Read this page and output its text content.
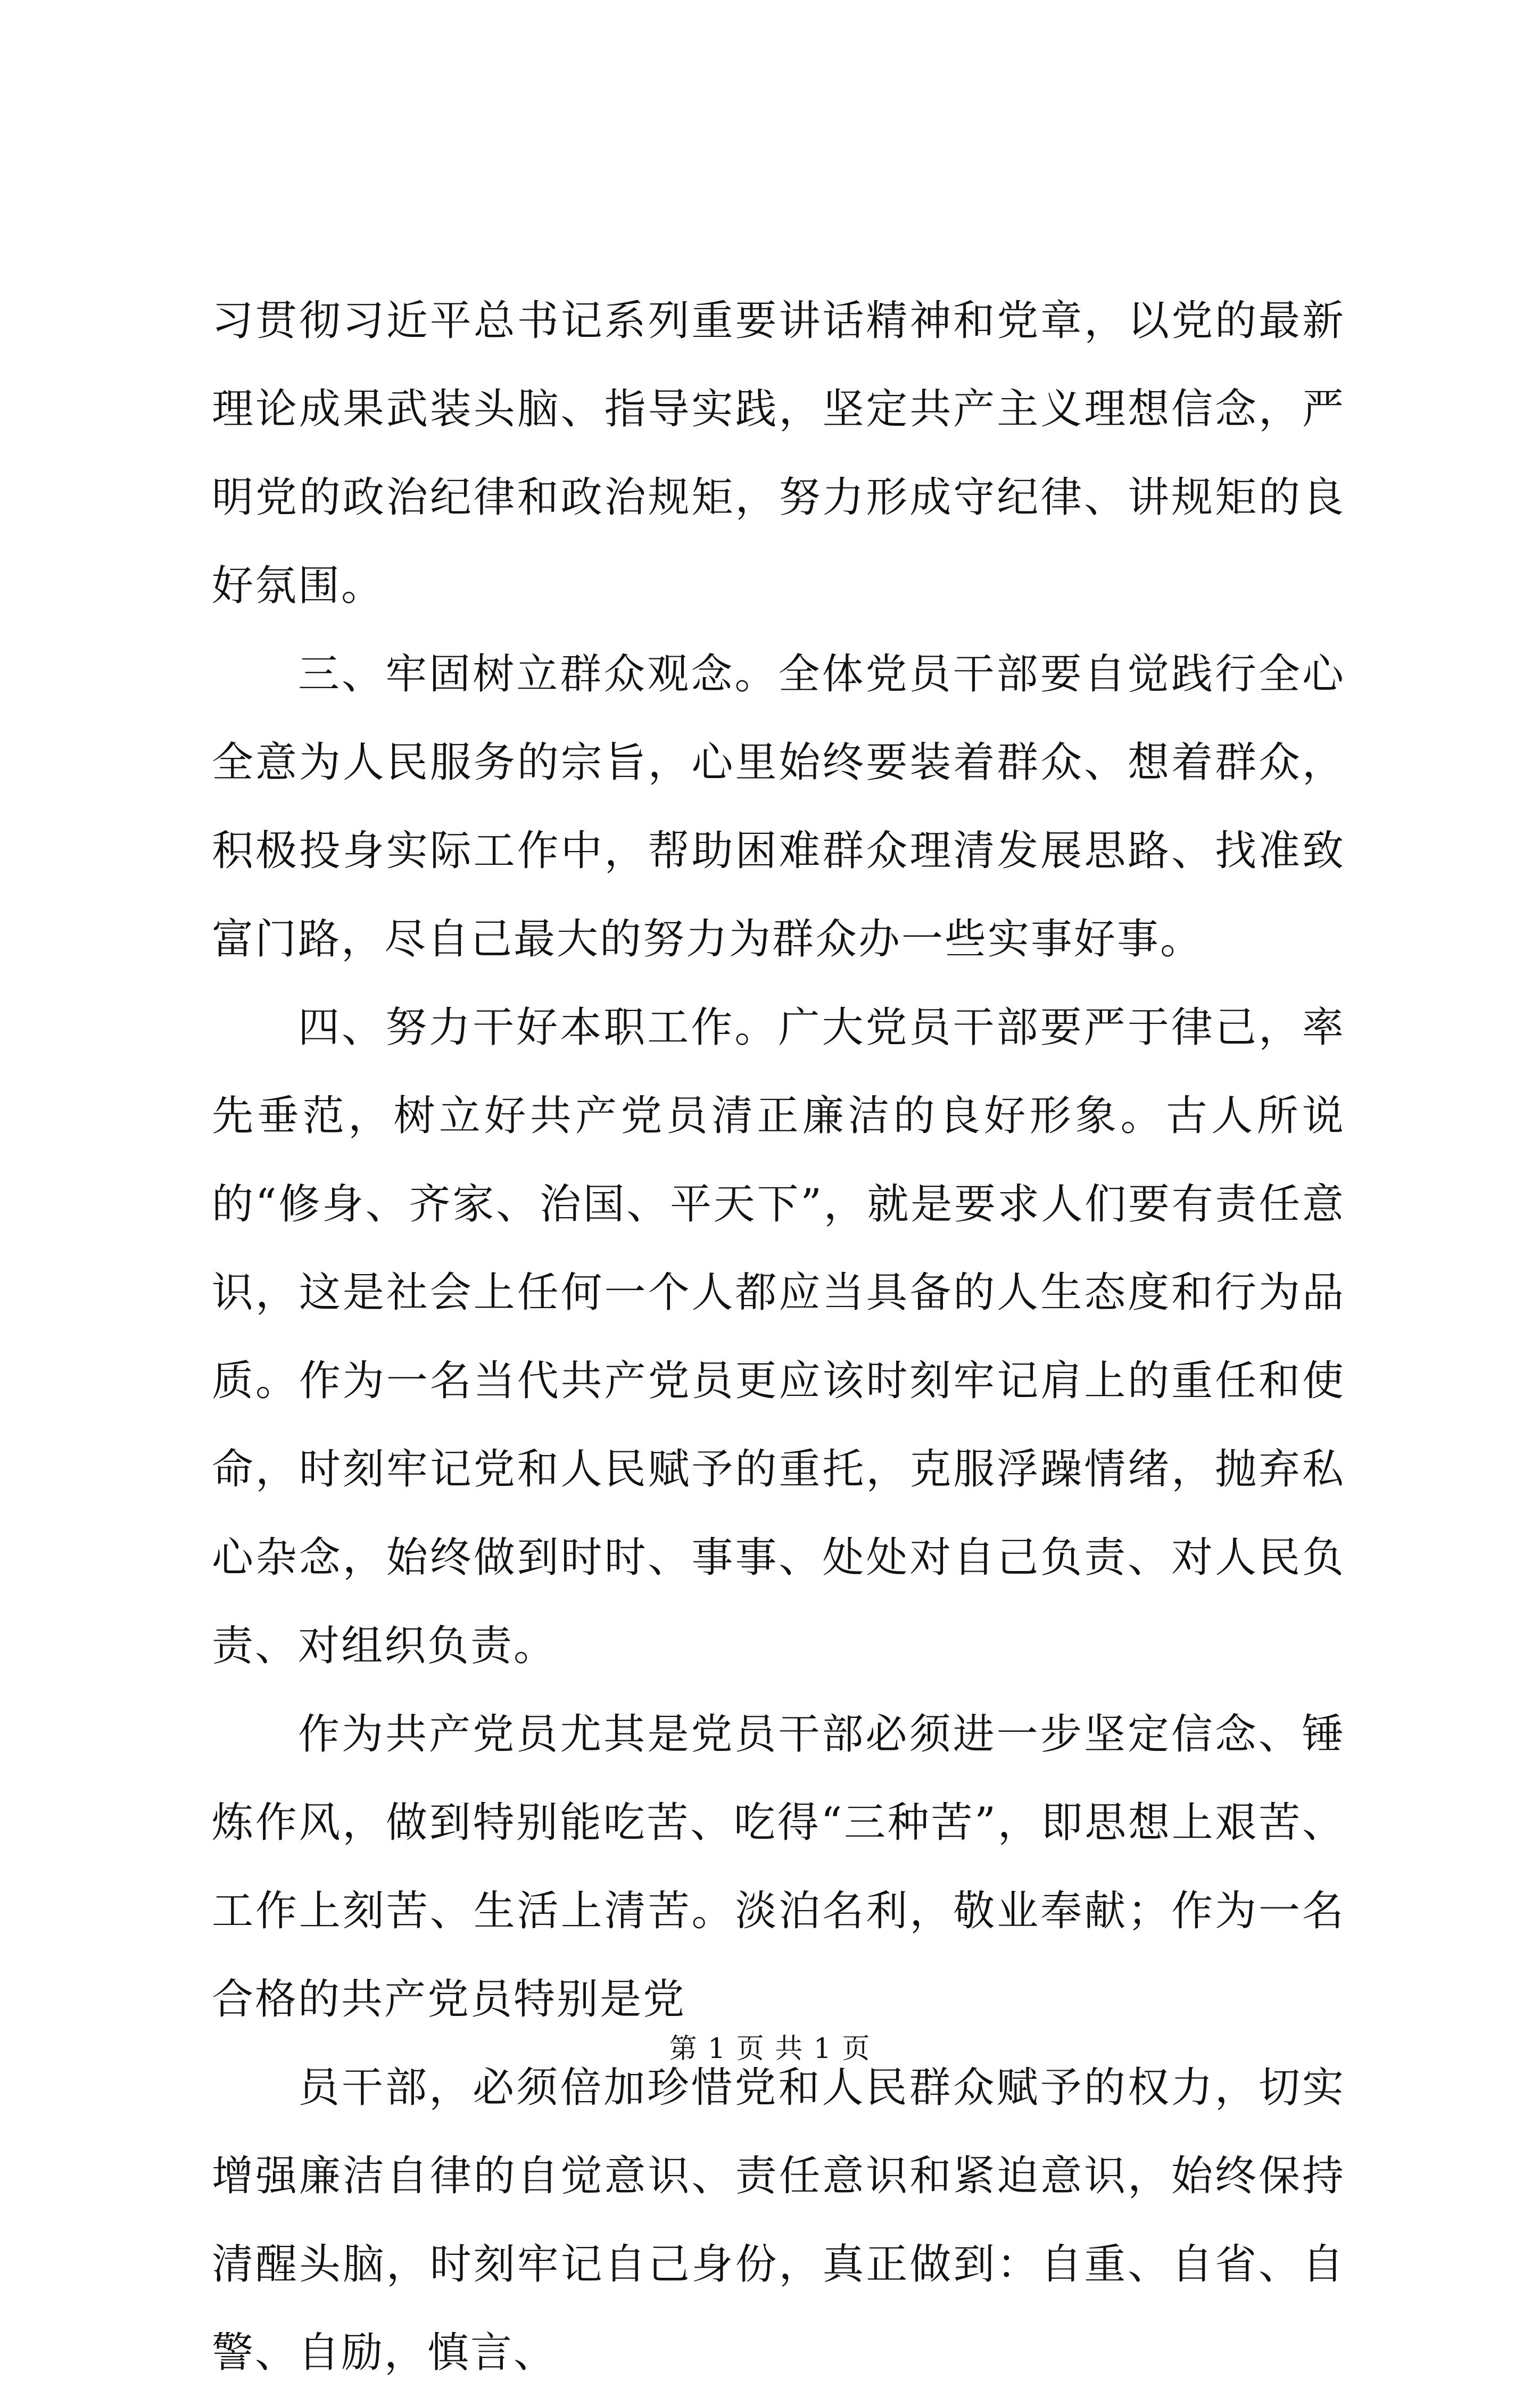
习贯彻习近平总书记系列重要讲话精神和党章，以党的最新理论成果武装头脑、指导实践，坚定共产主义理想信念，严明党的政治纪律和政治规矩，努力形成守纪律、讲规矩的良好氛围。

三、牢固树立群众观念。全体党员干部要自觉践行全心全意为人民服务的宗旨，心里始终要装着群众、想着群众，积极投身实际工作中，帮助困难群众理清发展思路、找准致富门路，尽自己最大的努力为群众办一些实事好事。

四、努力干好本职工作。广大党员干部要严于律己，率先垂范，树立好共产党员清正廉洁的良好形象。古人所说的“修身、齐家、治国、平天下”，就是要求人们要有责任意识，这是社会上任何一个人都应当具备的人生态度和行为品质。作为一名当代共产党员更应该时刻牢记肩上的重任和使命，时刻牢记党和人民赋予的重托，克服浮躁情绪，抛弃私心杂念，始终做到时时、事事、处处对自己负责、对人民负责、对组织负责。

作为共产党员尤其是党员干部必须进一步坚定信念、锤炼作风，做到特别能吃苦、吃得“三种苦”，即思想上艰苦、工作上刻苦、生活上清苦。淡泊名利，敬业奉献；作为一名合格的共产党员特别是党

员干部，必须倍加珍惜党和人民群众赋予的权力，切实增强廉洁自律的自觉意识、责任意识和紧迫意识，始终保持清醒头脑，时刻牢记自己身份，真正做到：自重、自省、自警、自励，慎言、

第 1 页 共 1 页
